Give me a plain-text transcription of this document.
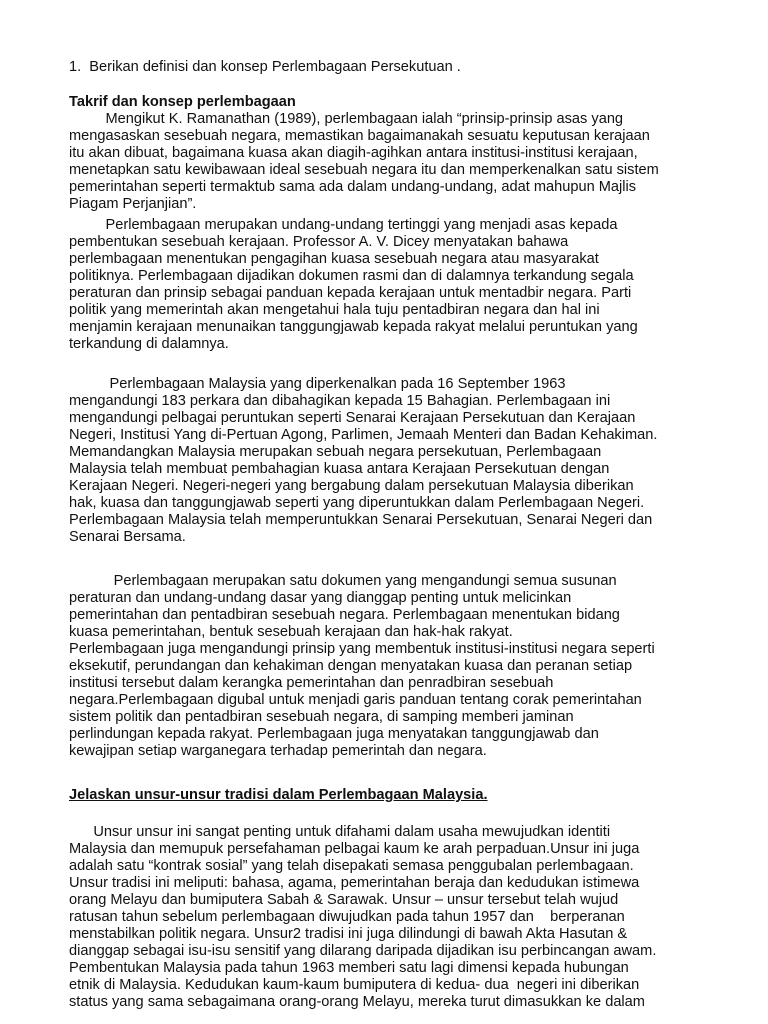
1. Berikan definisi dan konsep Perlembagaan Persekutuan .
Takrif dan konsep perlembagaan
Mengikut K. Ramanathan (1989), perlembagaan ialah “prinsip-prinsip asas yang
mengasaskan sesebuah negara, memastikan bagaimanakah sesuatu keputusan kerajaan
itu akan dibuat, bagaimana kuasa akan diagih-agihkan antara institusi-institusi kerajaan,
menetapkan satu kewibawaan ideal sesebuah negara itu dan memperkenalkan satu sistem
pemerintahan seperti termaktub sama ada dalam undang-undang, adat mahupun Majlis
Piagam Perjanjian”.
Perlembagaan merupakan undang-undang tertinggi yang menjadi asas kepada
pembentukan sesebuah kerajaan. Professor A. V. Dicey menyatakan bahawa
perlembagaan menentukan pengagihan kuasa sesebuah negara atau masyarakat
politiknya. Perlembagaan dijadikan dokumen rasmi dan di dalamnya terkandung segala
peraturan dan prinsip sebagai panduan kepada kerajaan untuk mentadbir negara. Parti
politik yang memerintah akan mengetahui hala tuju pentadbiran negara dan hal ini
menjamin kerajaan menunaikan tanggungjawab kepada rakyat melalui peruntukan yang
terkandung di dalamnya.
Perlembagaan Malaysia yang diperkenalkan pada 16 September 1963
mengandungi 183 perkara dan dibahagikan kepada 15 Bahagian. Perlembagaan ini
mengandungi pelbagai peruntukan seperti Senarai Kerajaan Persekutuan dan Kerajaan
Negeri, Institusi Yang di-Pertuan Agong, Parlimen, Jemaah Menteri dan Badan Kehakiman.
Memandangkan Malaysia merupakan sebuah negara persekutuan, Perlembagaan
Malaysia telah membuat pembahagian kuasa antara Kerajaan Persekutuan dengan
Kerajaan Negeri. Negeri-negeri yang bergabung dalam persekutuan Malaysia diberikan
hak, kuasa dan tanggungjawab seperti yang diperuntukkan dalam Perlembagaan Negeri.
Perlembagaan Malaysia telah memperuntukkan Senarai Persekutuan, Senarai Negeri dan
Senarai Bersama.
Perlembagaan merupakan satu dokumen yang mengandungi semua susunan
peraturan dan undang-undang dasar yang dianggap penting untuk melicinkan
pemerintahan dan pentadbiran sesebuah negara. Perlembagaan menentukan bidang
kuasa pemerintahan, bentuk sesebuah kerajaan dan hak-hak rakyat.
Perlembagaan juga mengandungi prinsip yang membentuk institusi-institusi negara seperti
eksekutif, perundangan dan kehakiman dengan menyatakan kuasa dan peranan setiap
institusi tersebut dalam kerangka pemerintahan dan penradbiran sesebuah
negara.Perlembagaan digubal untuk menjadi garis panduan tentang corak pemerintahan
sistem politik dan pentadbiran sesebuah negara, di samping memberi jaminan
perlindungan kepada rakyat. Perlembagaan juga menyatakan tanggungjawab dan
kewajipan setiap warganegara terhadap pemerintah dan negara.
Jelaskan unsur-unsur tradisi dalam Perlembagaan Malaysia.
Unsur unsur ini sangat penting untuk difahami dalam usaha mewujudkan identiti
Malaysia dan memupuk persefahaman pelbagai kaum ke arah perpaduan.Unsur ini juga
adalah satu “kontrak sosial” yang telah disepakati semasa penggubalan perlembagaan.
Unsur tradisi ini meliputi: bahasa, agama, pemerintahan beraja dan kedudukan istimewa
orang Melayu dan bumiputera Sabah & Sarawak. Unsur – unsur tersebut telah wujud
ratusan tahun sebelum perlembagaan diwujudkan pada tahun 1957 dan    berperanan
menstabilkan politik negara. Unsur2 tradisi ini juga dilindungi di bawah Akta Hasutan &
dianggap sebagai isu-isu sensitif yang dilarang daripada dijadikan isu perbincangan awam.
Pembentukan Malaysia pada tahun 1963 memberi satu lagi dimensi kepada hubungan
etnik di Malaysia. Kedudukan kaum-kaum bumiputera di kedua- dua  negeri ini diberikan
status yang sama sebagaimana orang-orang Melayu, mereka turut dimasukkan ke dalam
